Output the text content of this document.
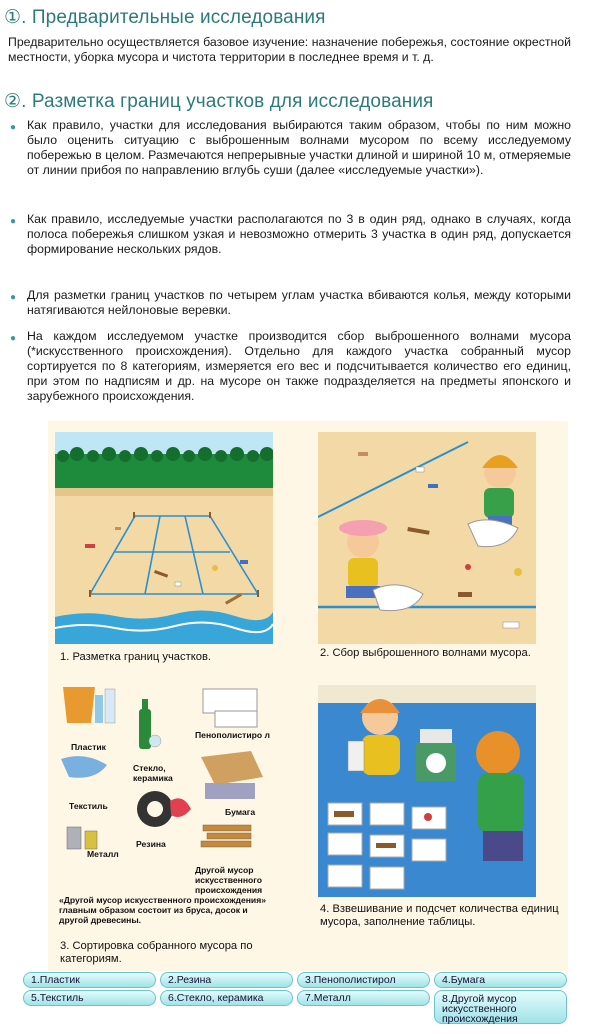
①. Предварительные исследования
Предварительно осуществляется базовое изучение: назначение побережья, состояние окрестной местности, уборка мусора и чистота территории в последнее время и т. д.
②. Разметка границ участков для исследования
● Как правило, участки для исследования выбираются таким образом, чтобы по ним можно было оценить ситуацию с выброшенным волнами мусором по всему исследуемому побережью в целом. Размечаются непрерывные участки длиной и шириной 10 м, отмеряемые от линии прибоя по направлению вглубь суши (далее «исследуемые участки»).
● Как правило, исследуемые участки располагаются по 3 в один ряд, однако в случаях, когда полоса побережья слишком узкая и невозможно отмерить 3 участка в один ряд, допускается формирование нескольких рядов.
● Для разметки границ участков по четырем углам участка вбиваются колья, между которыми натягиваются нейлоновые веревки.
● На каждом исследуемом участке производится сбор выброшенного волнами мусора (*искусственного происхождения). Отдельно для каждого участка собранный мусор сортируется по 8 категориям, измеряется его вес и подсчитывается количество его единиц, при этом по надписям и др. на мусоре он также подразделяется на предметы японского и зарубежного происхождения.
1. Разметка границ участков.	2. Сбор выброшенного волнами мусора.
Пластик
Пенополистиро л
Стекло, керамика
Текстиль
Бумага
Резина
Металл
Другой мусор искусственного происхождения
«Другой мусор искусственного происхождения» главным образом состоит из бруса, досок и другой древесины.
3. Сортировка собранного мусора по категориям.
4. Взвешивание и подсчет количества единиц мусора, заполнение таблицы.
1.Пластик	2.Резина	3.Пенополистирол	4.Бумага
5.Текстиль	6.Стекло, керамика	7.Металл	8.Другой мусор искусственного происхождения
